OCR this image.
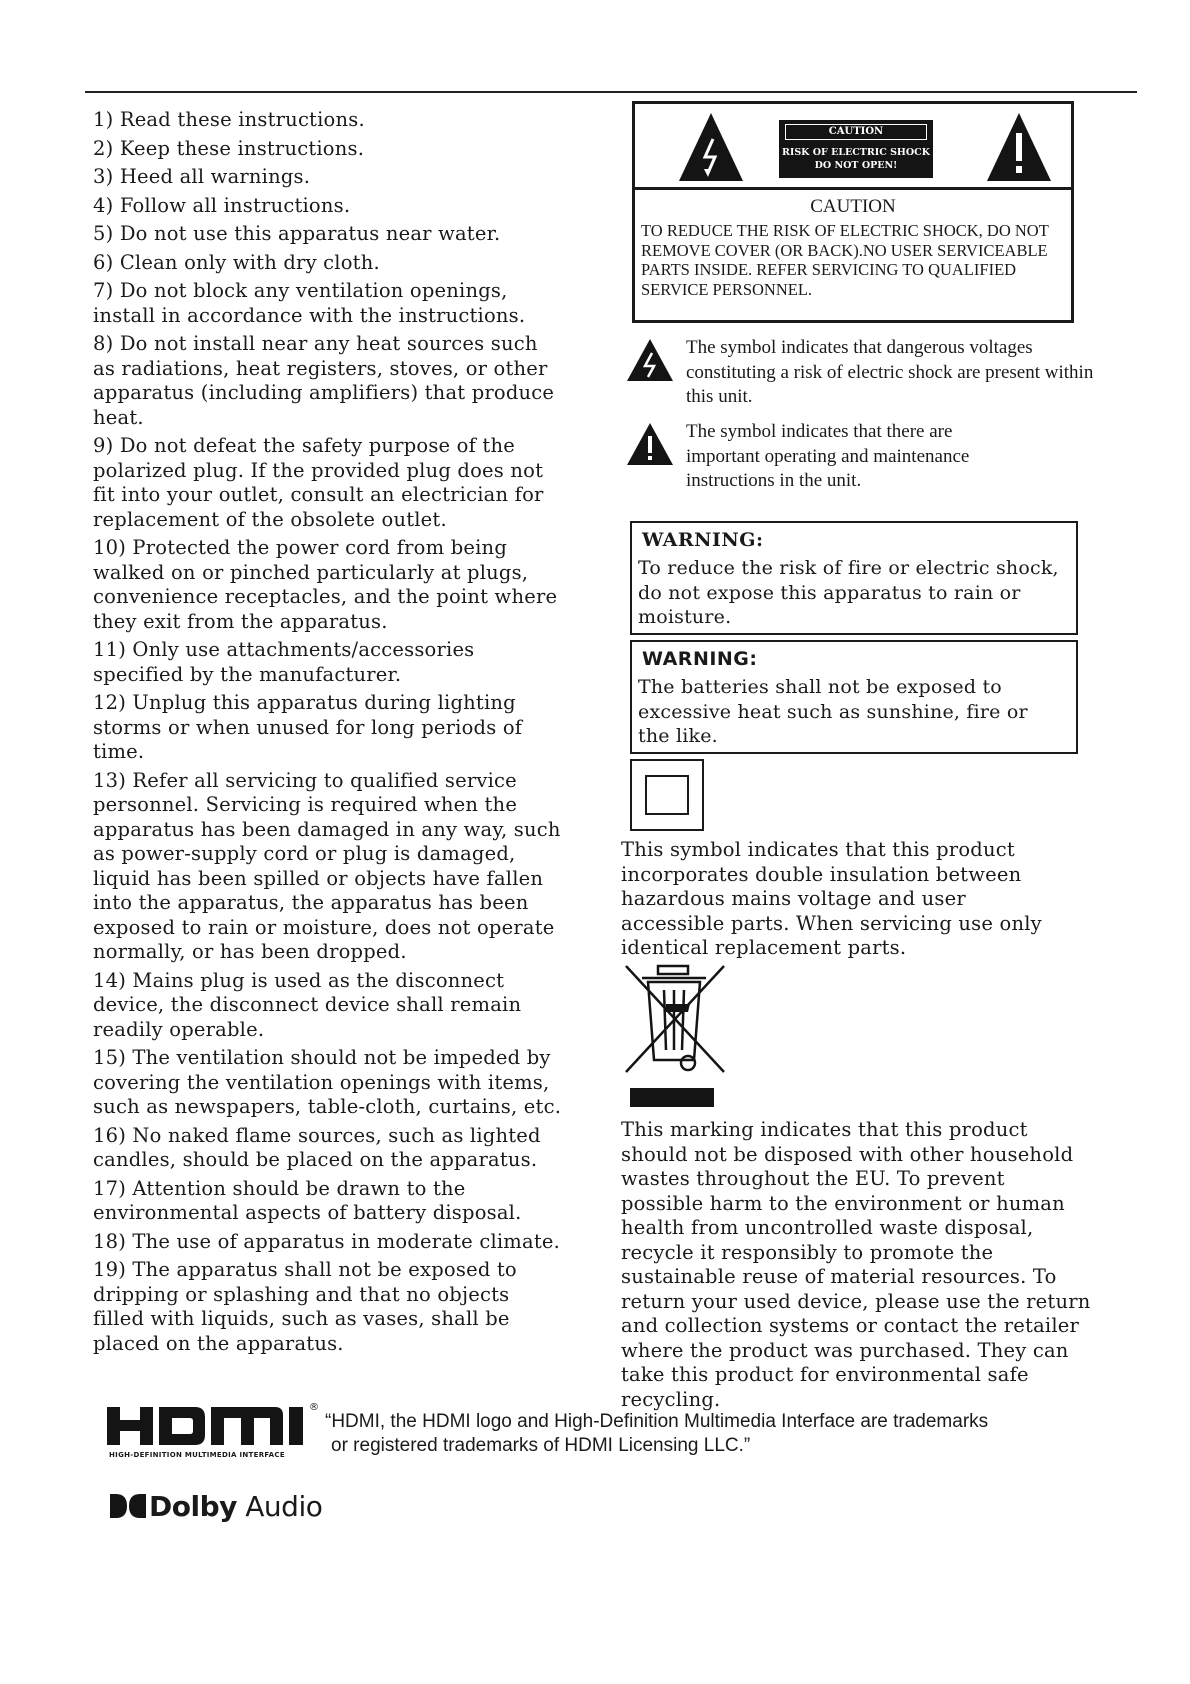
1) Read these instructions.
2) Keep these instructions.
3) Heed all warnings.
4) Follow all instructions.
5) Do not use this apparatus near water.
6) Clean only with dry cloth.
7) Do not block any ventilation openings, install in accordance with the instructions.
8) Do not install near any heat sources such as radiations, heat registers, stoves, or other apparatus (including amplifiers) that produce heat.
9) Do not defeat the safety purpose of the polarized plug. If the provided plug does not fit into your outlet, consult an electrician for replacement of the obsolete outlet.
10) Protected the power cord from being walked on or pinched particularly at plugs, convenience receptacles, and the point where they exit from the apparatus.
11) Only use attachments/accessories specified by the manufacturer.
12) Unplug this apparatus during lighting storms or when unused for long periods of time.
13) Refer all servicing to qualified service personnel. Servicing is required when the apparatus has been damaged in any way, such as power-supply cord or plug is damaged, liquid has been spilled or objects have fallen into the apparatus, the apparatus has been exposed to rain or moisture, does not operate normally, or has been dropped.
14) Mains plug is used as the disconnect device, the disconnect device shall remain readily operable.
15) The ventilation should not be impeded by covering the ventilation openings with items, such as newspapers, table-cloth, curtains, etc.
16) No naked flame sources, such as lighted candles, should be placed on the apparatus.
17) Attention should be drawn to the environmental aspects of battery disposal.
18) The use of apparatus in moderate climate.
19) The apparatus shall not be exposed to dripping or splashing and that no objects filled with liquids, such as vases, shall be placed on the apparatus.
CAUTION
RISK OF ELECTRIC SHOCK
DO NOT OPEN!
CAUTION
TO REDUCE THE RISK OF ELECTRIC SHOCK, DO NOT REMOVE COVER (OR BACK).NO USER SERVICEABLE PARTS INSIDE. REFER SERVICING TO QUALIFIED SERVICE PERSONNEL.
The symbol indicates that dangerous voltages constituting a risk of electric shock are present within this unit.
The symbol indicates that there are important operating and maintenance instructions in the unit.
WARNING:
To reduce the risk of fire or electric shock, do not expose this apparatus to rain or moisture.
WARNING:
The batteries shall not be exposed to excessive heat such as sunshine, fire or the like.
This symbol indicates that this product incorporates double insulation between hazardous mains voltage and user accessible parts. When servicing use only identical replacement parts.
This marking indicates that this product should not be disposed with other household wastes throughout the EU. To prevent possible harm to the environment or human health from uncontrolled waste disposal, recycle it responsibly to promote the sustainable reuse of material resources. To return your used device, please use the return and collection systems or contact the retailer where the product was purchased. They can take this product for environmental safe recycling.
®
HIGH-DEFINITION MULTIMEDIA INTERFACE
“HDMI, the HDMI logo and High-Definition Multimedia Interface are trademarks
or registered trademarks of HDMI Licensing LLC.”
Dolby Audio
